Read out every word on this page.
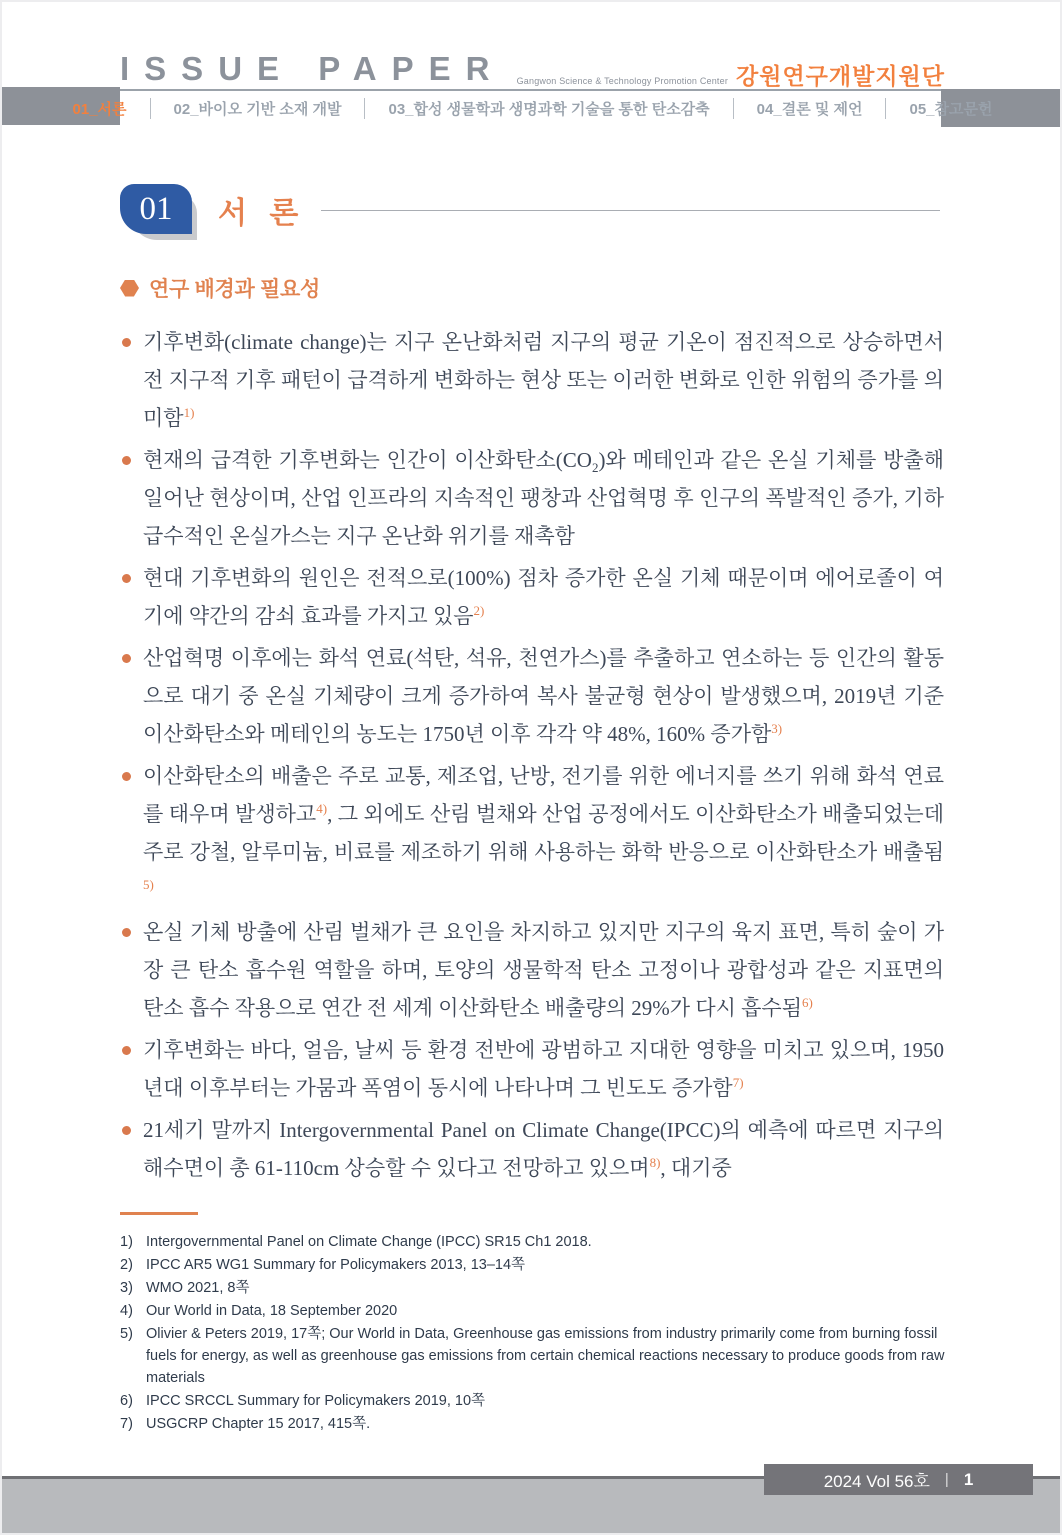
ISSUE PAPER Gangwon Science & Technology Promotion Center 강원연구개발지원단
01_서론	02_바이오 기반 소재 개발	03_합성 생물학과 생명과학 기술을 통한 탄소감축	04_결론 및 제언	05_참고문헌
01	서 론
연구 배경과 필요성
기후변화(climate change)는 지구 온난화처럼 지구의 평균 기온이 점진적으로 상승하면서 전 지구적 기후 패턴이 급격하게 변화하는 현상 또는 이러한 변화로 인한 위험의 증가를 의미함$^{1)}$
현재의 급격한 기후변화는 인간이 이산화탄소$(CO_2)$와 메테인과 같은 온실 기체를 방출해 일어난 현상이며, 산업 인프라의 지속적인 팽창과 산업혁명 후 인구의 폭발적인 증가, 기하급수적인 온실가스는 지구 온난화 위기를 재촉함
현대 기후변화의 원인은 전적으로(100%) 점차 증가한 온실 기체 때문이며 에어로졸이 여기에 약간의 감쇠 효과를 가지고 있음$^{2)}$
산업혁명 이후에는 화석 연료(석탄, 석유, 천연가스)를 추출하고 연소하는 등 인간의 활동으로 대기 중 온실 기체량이 크게 증가하여 복사 불균형 현상이 발생했으며, 2019년 기준 이산화탄소와 메테인의 농도는 1750년 이후 각각 약 48%, 160% 증가함$^{3)}$
이산화탄소의 배출은 주로 교통, 제조업, 난방, 전기를 위한 에너지를 쓰기 위해 화석 연료를 태우며 발생하고$^{4)}$, 그 외에도 산림 벌채와 산업 공정에서도 이산화탄소가 배출되었는데 주로 강철, 알루미늄, 비료를 제조하기 위해 사용하는 화학 반응으로 이산화탄소가 배출됨$^{5)}$
온실 기체 방출에 산림 벌채가 큰 요인을 차지하고 있지만 지구의 육지 표면, 특히 숲이 가장 큰 탄소 흡수원 역할을 하며, 토양의 생물학적 탄소 고정이나 광합성과 같은 지표면의 탄소 흡수 작용으로 연간 전 세계 이산화탄소 배출량의 29%가 다시 흡수됨$^{6)}$
기후변화는 바다, 얼음, 날씨 등 환경 전반에 광범하고 지대한 영향을 미치고 있으며, 1950년대 이후부터는 가뭄과 폭염이 동시에 나타나며 그 빈도도 증가함$^{7)}$
21세기 말까지 Intergovernmental Panel on Climate Change(IPCC)의 예측에 따르면 지구의 해수면이 총 61-110cm 상승할 수 있다고 전망하고 있으며$^{8)}$, 대기중
1) Intergovernmental Panel on Climate Change (IPCC) SR15 Ch1 2018.
2) IPCC AR5 WG1 Summary for Policymakers 2013, 13–14쪽
3) WMO 2021, 8쪽
4) Our World in Data, 18 September 2020
5) Olivier & Peters 2019, 17쪽; Our World in Data, Greenhouse gas emissions from industry primarily come from burning fossil fuels for energy, as well as greenhouse gas emissions from certain chemical reactions necessary to produce goods from raw materials
6) IPCC SRCCL Summary for Policymakers 2019, 10쪽
7) USGCRP Chapter 15 2017, 415쪽.
2024 Vol 56호 | 1
